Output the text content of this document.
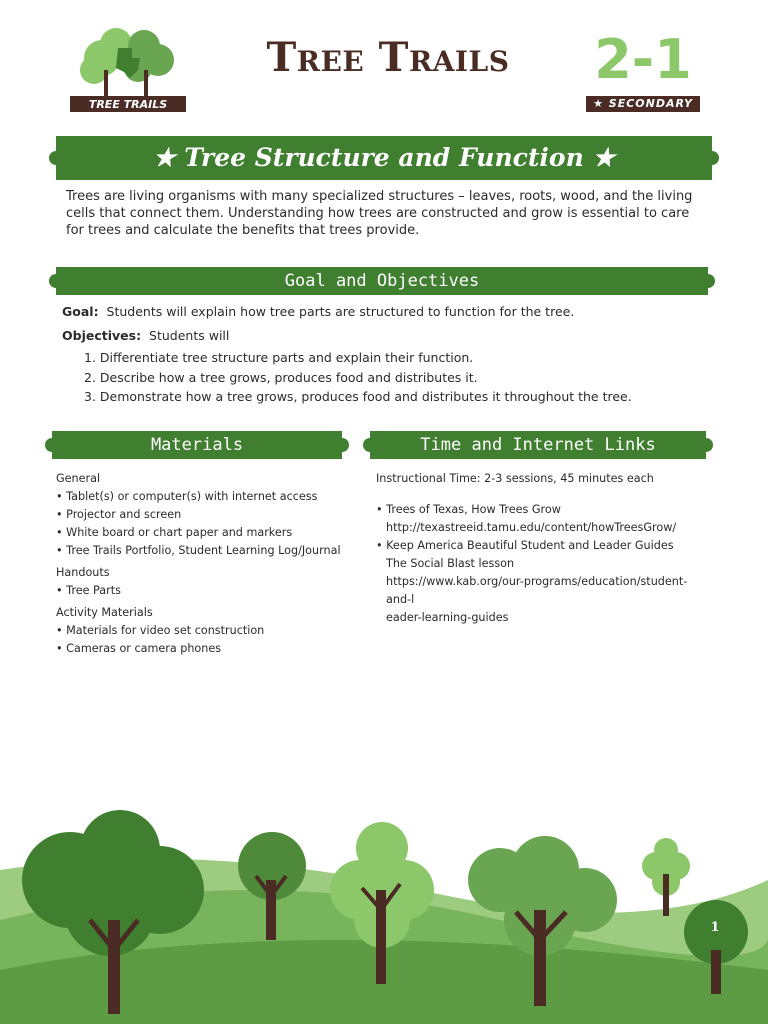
TREE TRAILS
Tree Trails	2-1
★ SECONDARY ★
★ Tree Structure and Function ★
Trees are living organisms with many specialized structures – leaves, roots, wood, and the living cells that connect them. Understanding how trees are constructed and grow is essential to care for trees and calculate the benefits that trees provide.
Goal and Objectives
Goal: Students will explain how tree parts are structured to function for the tree.
Objectives: Students will
1. Differentiate tree structure parts and explain their function.
2. Describe how a tree grows, produces food and distributes it.
3. Demonstrate how a tree grows, produces food and distributes it throughout the tree.
Materials
General
• Tablet(s) or computer(s) with internet access
• Projector and screen
• White board or chart paper and markers
• Tree Trails Portfolio, Student Learning Log/Journal
Handouts
• Tree Parts
Activity Materials
• Materials for video set construction
• Cameras or camera phones
Time and Internet Links
Instructional Time: 2-3 sessions, 45 minutes each
• Trees of Texas, How Trees Grow
http://texastreeid.tamu.edu/content/howTreesGrow/
• Keep America Beautiful Student and Leader Guides
The Social Blast lesson
https://www.kab.org/our-programs/education/student-and-l
eader-learning-guides
1
